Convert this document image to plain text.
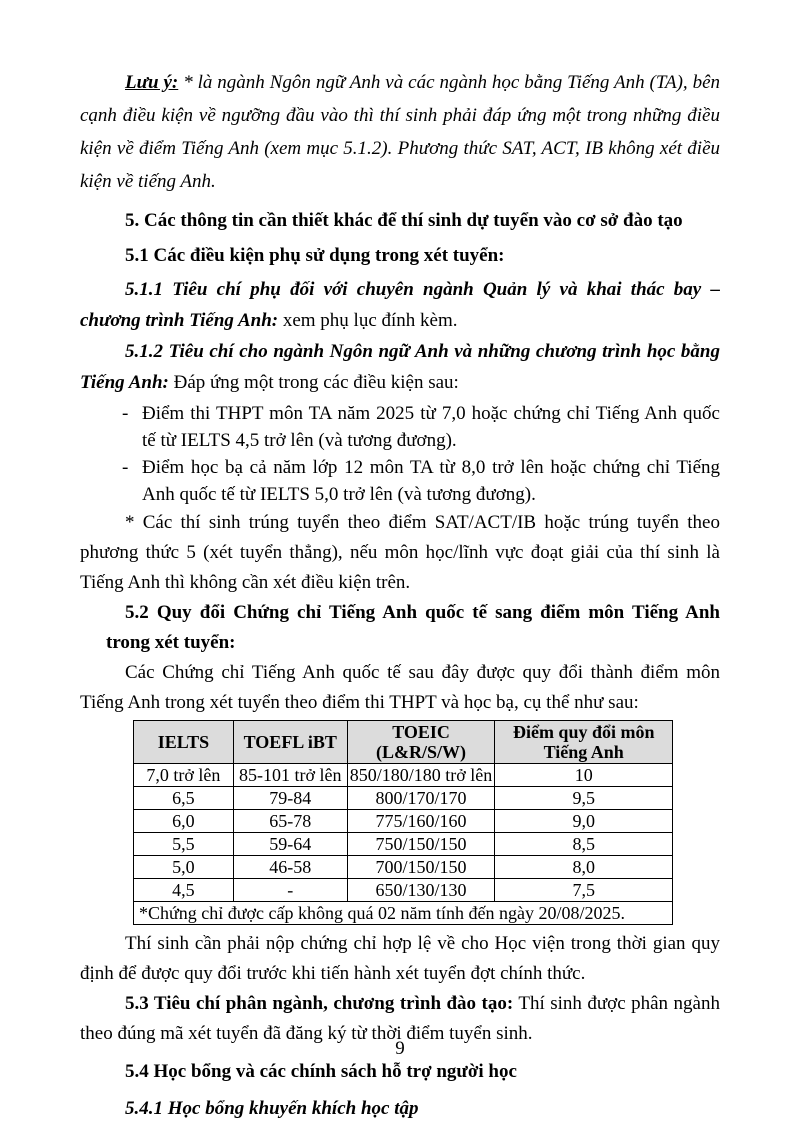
Lưu ý: * là ngành Ngôn ngữ Anh và các ngành học bằng Tiếng Anh (TA), bên cạnh điều kiện về ngưỡng đầu vào thì thí sinh phải đáp ứng một trong những điều kiện về điểm Tiếng Anh (xem mục 5.1.2). Phương thức SAT, ACT, IB không xét điều kiện về tiếng Anh.

5. Các thông tin cần thiết khác để thí sinh dự tuyển vào cơ sở đào tạo

5.1 Các điều kiện phụ sử dụng trong xét tuyển:

5.1.1 Tiêu chí phụ đối với chuyên ngành Quản lý và khai thác bay – chương trình Tiếng Anh: xem phụ lục đính kèm.

5.1.2 Tiêu chí cho ngành Ngôn ngữ Anh và những chương trình học bằng Tiếng Anh: Đáp ứng một trong các điều kiện sau:

- Điểm thi THPT môn TA năm 2025 từ 7,0 hoặc chứng chỉ Tiếng Anh quốc tế từ IELTS 4,5 trở lên (và tương đương).
- Điểm học bạ cả năm lớp 12 môn TA từ 8,0 trở lên hoặc chứng chỉ Tiếng Anh quốc tế từ IELTS 5,0 trở lên (và tương đương).

* Các thí sinh trúng tuyển theo điểm SAT/ACT/IB hoặc trúng tuyển theo phương thức 5 (xét tuyển thẳng), nếu môn học/lĩnh vực đoạt giải của thí sinh là Tiếng Anh thì không cần xét điều kiện trên.

5.2 Quy đổi Chứng chỉ Tiếng Anh quốc tế sang điểm môn Tiếng Anh trong xét tuyển:

Các Chứng chỉ Tiếng Anh quốc tế sau đây được quy đổi thành điểm môn Tiếng Anh trong xét tuyển theo điểm thi THPT và học bạ, cụ thể như sau:

IELTS	TOEFL iBT	TOEIC (L&R/S/W)	Điểm quy đổi môn Tiếng Anh
7,0 trở lên	85-101 trở lên	850/180/180 trở lên	10
6,5	79-84	800/170/170	9,5
6,0	65-78	775/160/160	9,0
5,5	59-64	750/150/150	8,5
5,0	46-58	700/150/150	8,0
4,5	-	650/130/130	7,5
*Chứng chỉ được cấp không quá 02 năm tính đến ngày 20/08/2025.			

Thí sinh cần phải nộp chứng chỉ hợp lệ về cho Học viện trong thời gian quy định để được quy đổi trước khi tiến hành xét tuyển đợt chính thức.

5.3 Tiêu chí phân ngành, chương trình đào tạo: Thí sinh được phân ngành theo đúng mã xét tuyển đã đăng ký từ thời điểm tuyển sinh.

5.4 Học bổng và các chính sách hỗ trợ người học

5.4.1 Học bổng khuyến khích học tập

9
